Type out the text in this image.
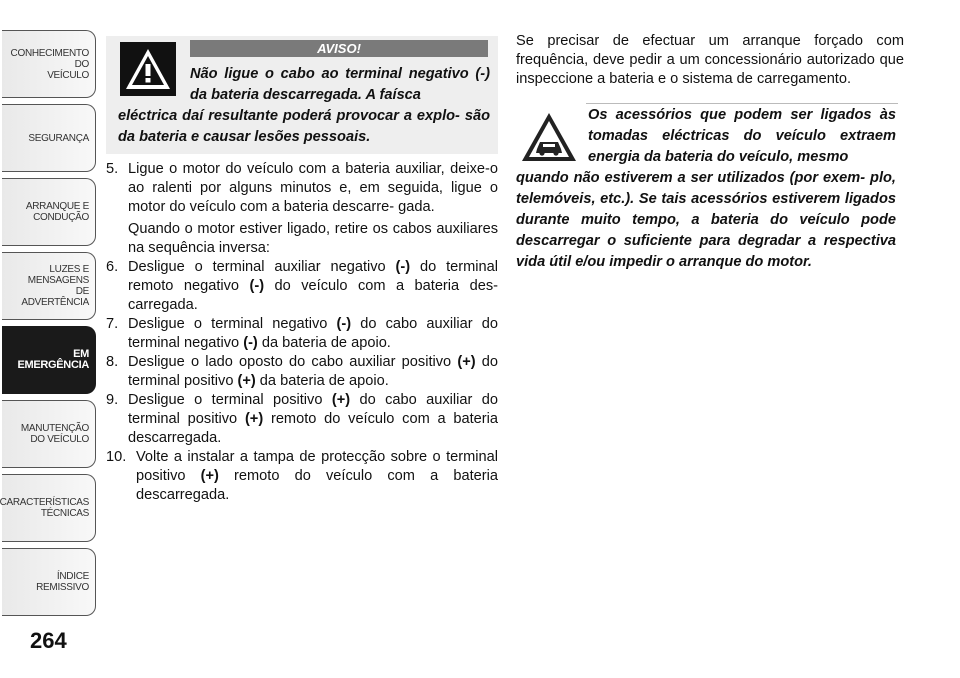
CONHECIMENTO
DO
VEÍCULO
SEGURANÇA
ARRANQUE E
CONDUÇÃO
LUZES E
MENSAGENS
DE
ADVERTÊNCIA
EM
EMERGÊNCIA
MANUTENÇÃO
DO VEÍCULO
CARACTERÍSTICAS
TÉCNICAS
ÍNDICE
REMISSIVO
264
AVISO!
Não ligue o cabo ao terminal negativo (-) da bateria descarregada. A faísca
eléctrica daí resultante poderá provocar a explo- são da bateria e causar lesões pessoais.
5. Ligue o motor do veículo com a bateria auxiliar, deixe-o ao ralenti por alguns minutos e, em seguida, ligue o motor do veículo com a bateria descarre- gada.

Quando o motor estiver ligado, retire os cabos auxiliares na sequência inversa:

6. Desligue o terminal auxiliar negativo (-) do terminal remoto negativo (-) do veículo com a bateria des- carregada.

7. Desligue o terminal negativo (-) do cabo auxiliar do terminal negativo (-) da bateria de apoio.

8. Desligue o lado oposto do cabo auxiliar positivo (+) do terminal positivo (+) da bateria de apoio.

9. Desligue o terminal positivo (+) do cabo auxiliar do terminal positivo (+) remoto do veículo com a bateria descarregada.

10. Volte a instalar a tampa de protecção sobre o terminal positivo (+) remoto do veículo com a bateria descarregada.

Se precisar de efectuar um arranque forçado com frequência, deve pedir a um concessionário autorizado que inspeccione a bateria e o sistema de carregamento.

Os acessórios que podem ser ligados às tomadas eléctricas do veículo extraem energia da bateria do veículo, mesmo
quando não estiverem a ser utilizados (por exem- plo, telemóveis, etc.). Se tais acessórios estiverem ligados durante muito tempo, a bateria do veículo pode descarregar o suficiente para degradar a respectiva vida útil e/ou impedir o arranque do motor.
